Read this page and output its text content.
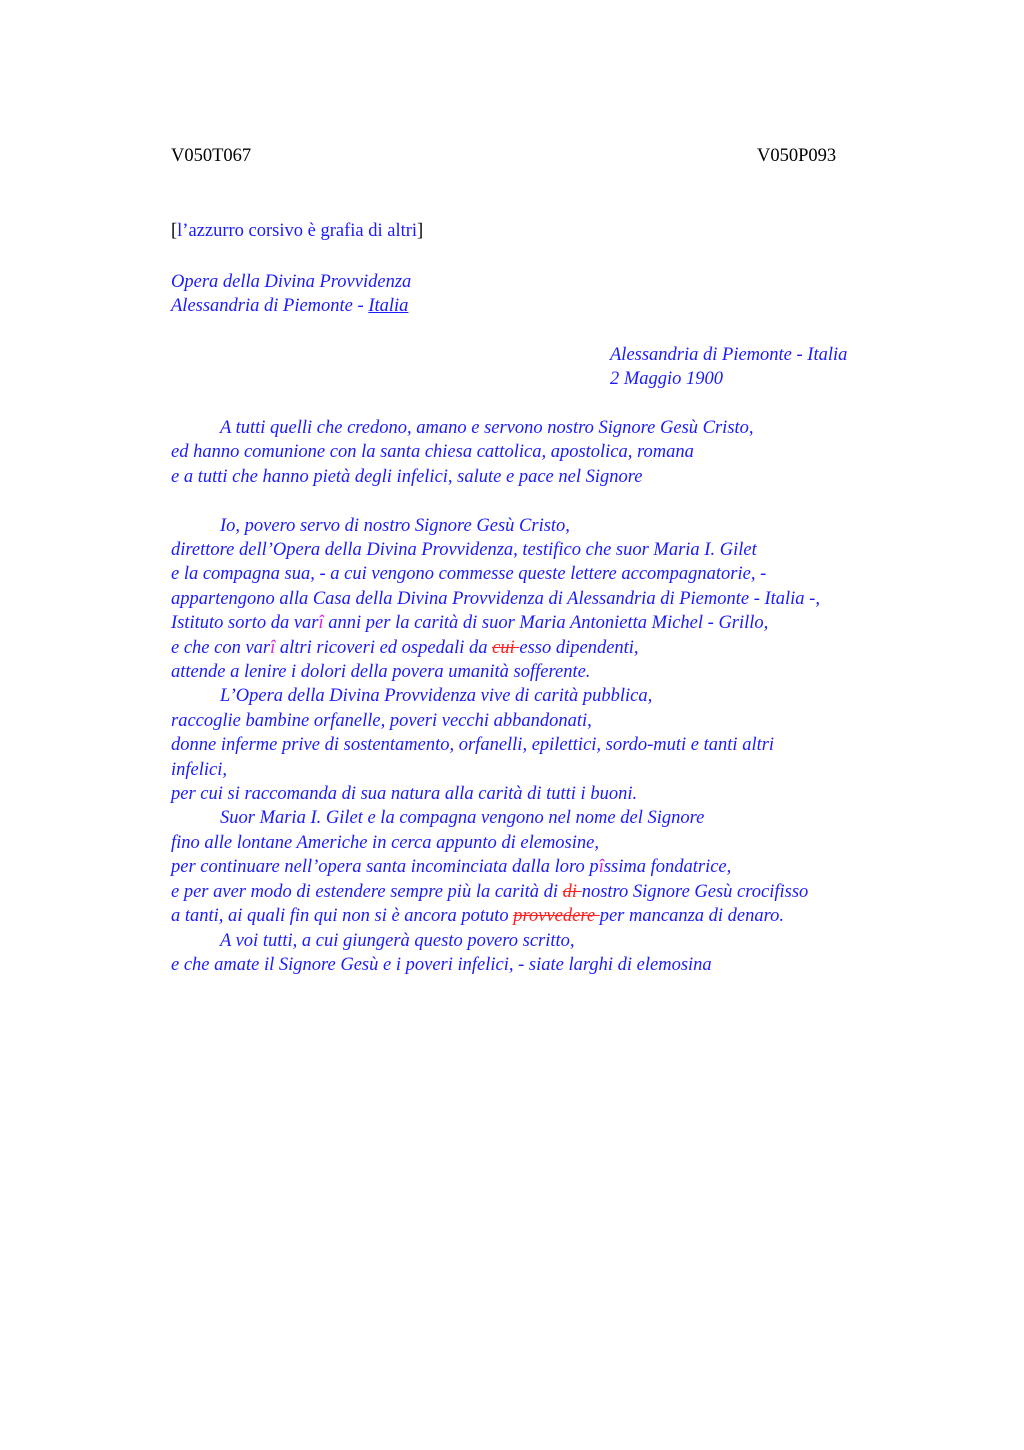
V050T067	V050P093
[l’azzurro corsivo è grafia di altri]
Opera della Divina Provvidenza
Alessandria di Piemonte - Italia
Alessandria di Piemonte - Italia
2 Maggio 1900
A tutti quelli che credono, amano e servono nostro Signore Gesù Cristo,
ed hanno comunione con la santa chiesa cattolica, apostolica, romana
e a tutti che hanno pietà degli infelici, salute e pace nel Signore
Io, povero servo di nostro Signore Gesù Cristo,
direttore dell’Opera della Divina Provvidenza, testifico che suor Maria I. Gilet
e la compagna sua, - a cui vengono commesse queste lettere accompagnatorie, -
appartengono alla Casa della Divina Provvidenza di Alessandria di Piemonte - Italia -,
Istituto sorto da varî anni per la carità di suor Maria Antonietta Michel - Grillo,
e che con varî altri ricoveri ed ospedali da cui esso dipendenti,
attende a lenire i dolori della povera umanità sofferente.
L’Opera della Divina Provvidenza vive di carità pubblica,
raccoglie bambine orfanelle, poveri vecchi abbandonati,
donne inferme prive di sostentamento, orfanelli, epilettici, sordo-muti e tanti altri
infelici,
per cui si raccomanda di sua natura alla carità di tutti i buoni.
Suor Maria I. Gilet e la compagna vengono nel nome del Signore
fino alle lontane Americhe in cerca appunto di elemosine,
per continuare nell’opera santa incominciata dalla loro pîssima fondatrice,
e per aver modo di estendere sempre più la carità di di nostro Signore Gesù crocifisso
a tanti, ai quali fin qui non si è ancora potuto provvedere per mancanza di denaro.
A voi tutti, a cui giungerà questo povero scritto,
e che amate il Signore Gesù e i poveri infelici, - siate larghi di elemosina
